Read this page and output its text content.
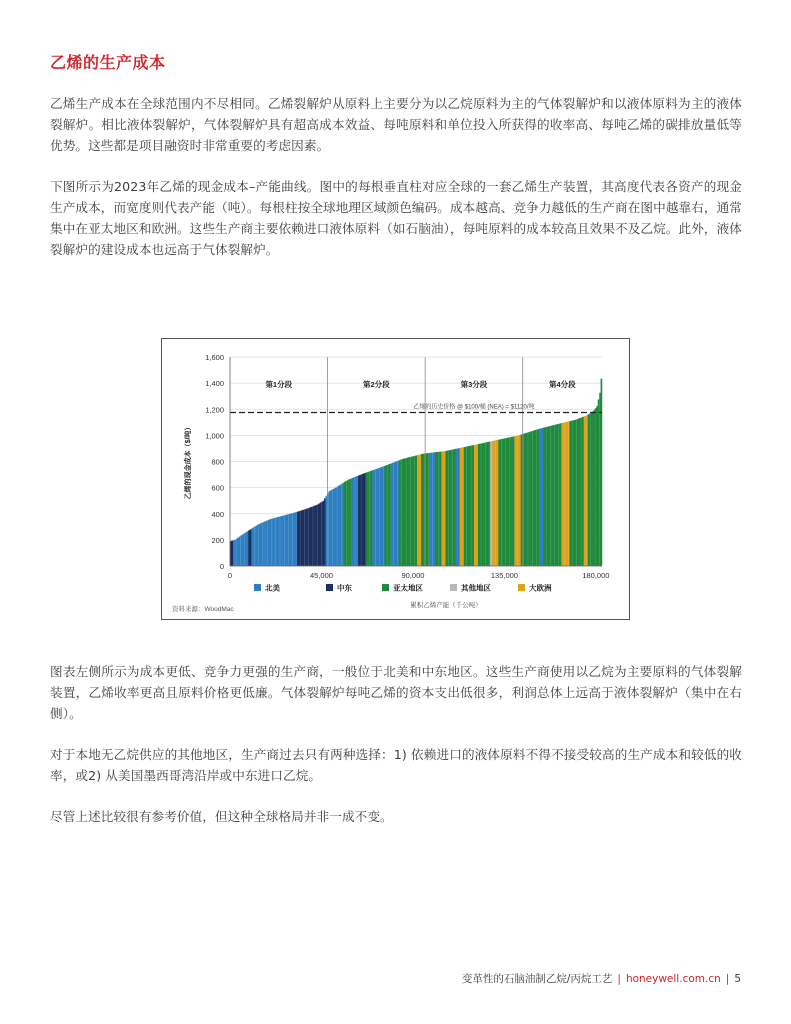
乙烯的生产成本

乙烯生产成本在全球范围内不尽相同。乙烯裂解炉从原料上主要分为以乙烷原料为主的气体裂解炉和以液体原料为主的液体裂解炉。相比液体裂解炉，气体裂解炉具有超高成本效益、每吨原料和单位投入所获得的收率高、每吨乙烯的碳排放量低等优势。这些都是项目融资时非常重要的考虑因素。

下图所示为2023年乙烯的现金成本–产能曲线。图中的每根垂直柱对应全球的一套乙烯生产装置，其高度代表各资产的现金生产成本，而宽度则代表产能（吨）。每根柱按全球地理区域颜色编码。成本越高、竞争力越低的生产商在图中越靠右，通常集中在亚太地区和欧洲。这些生产商主要依赖进口液体原料（如石脑油），每吨原料的成本较高且效果不及乙烷。此外，液体裂解炉的建设成本也远高于气体裂解炉。

0
200
400
600
800
1,000
1,200
1,400
1,600
0	45,000	90,000	135,000	180,000
第1分段	第2分段	第3分段	第4分段
乙烯的历史价格 @ $100/桶 (NEA) = $1120/吨
乙烯的现金成本（$/吨）
北美	中东	亚太地区	其他地区	大欧洲
累积乙烯产能（千公吨）
资料来源：WoodMac

图表左侧所示为成本更低、竞争力更强的生产商，一般位于北美和中东地区。这些生产商使用以乙烷为主要原料的气体裂解装置，乙烯收率更高且原料价格更低廉。气体裂解炉每吨乙烯的资本支出低很多，利润总体上远高于液体裂解炉（集中在右侧）。

对于本地无乙烷供应的其他地区，生产商过去只有两种选择：1) 依赖进口的液体原料不得不接受较高的生产成本和较低的收率，或2) 从美国墨西哥湾沿岸或中东进口乙烷。

尽管上述比较很有参考价值，但这种全球格局并非一成不变。

变革性的石脑油制乙烷/丙烷工艺 | honeywell.com.cn | 5
